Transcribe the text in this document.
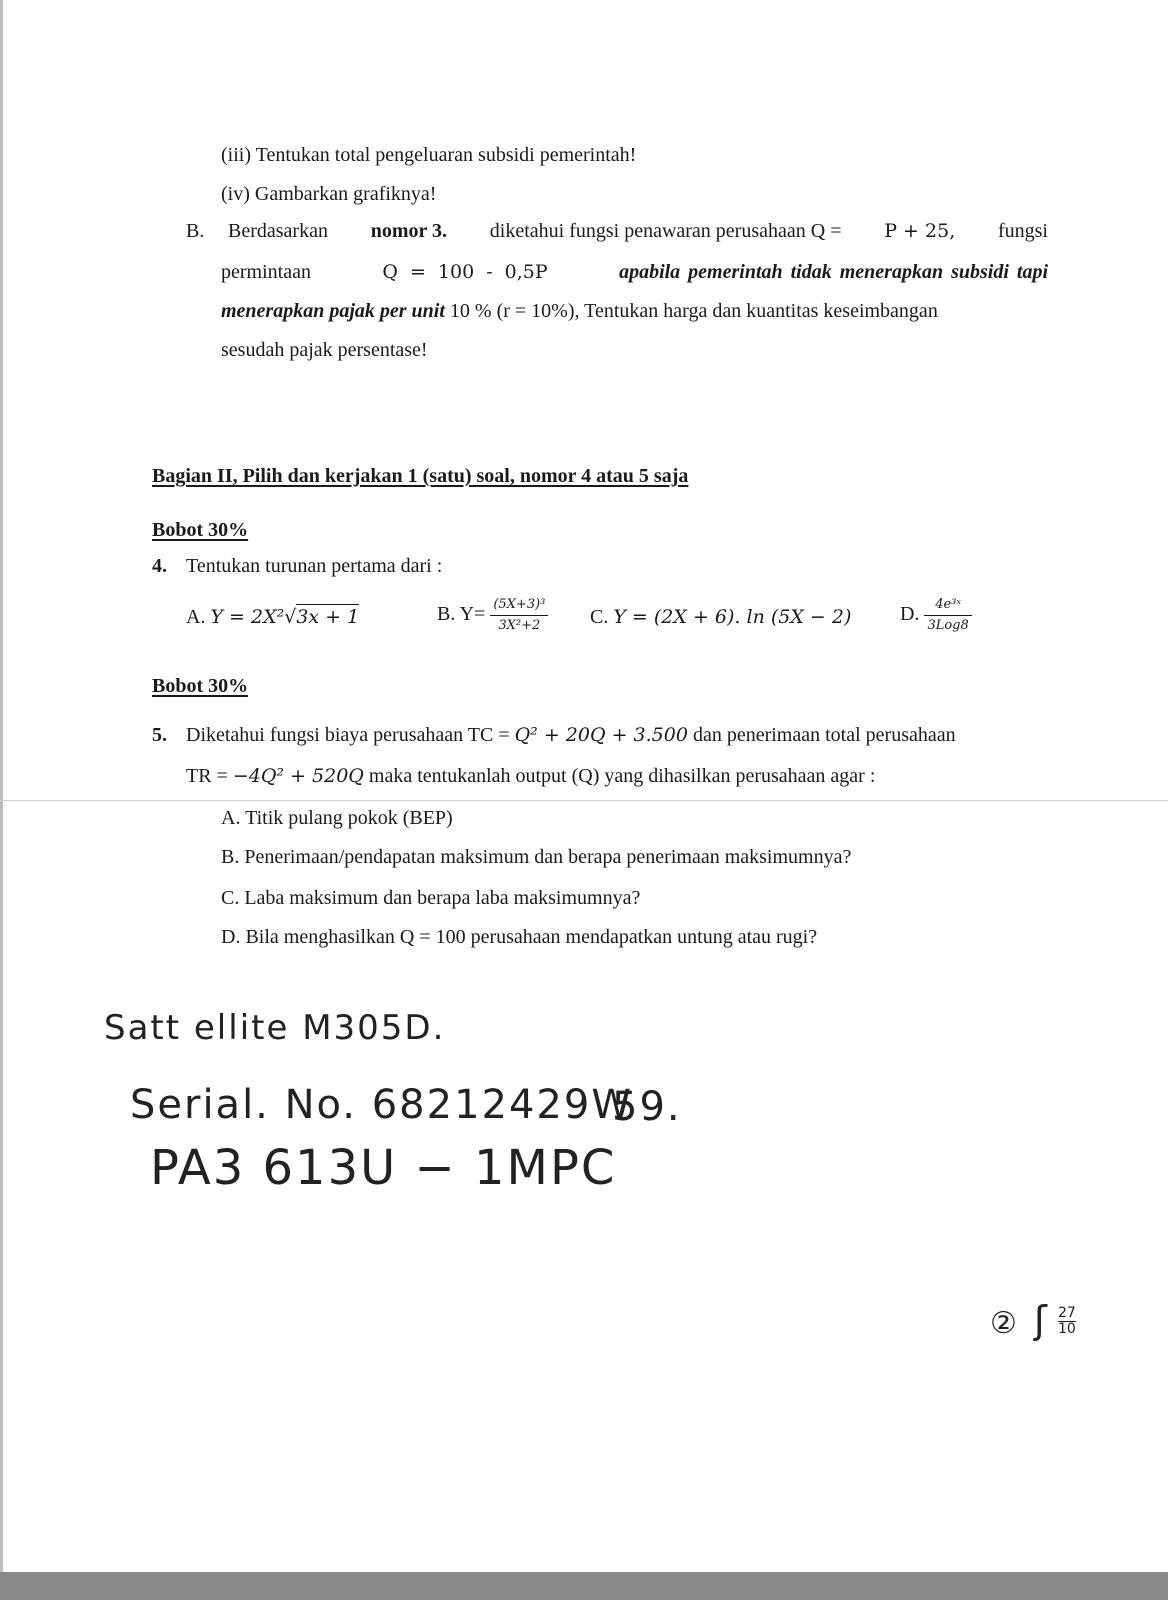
(iii) Tentukan total pengeluaran subsidi pemerintah!
(iv) Gambarkan grafiknya!
B. Berdasarkan nomor 3. diketahui fungsi penawaran perusahaan Q = P + 25, fungsi
permintaan	Q = 100 - 0,5P	apabila pemerintah tidak menerapkan subsidi tapi
menerapkan pajak per unit 10 % (r = 10%), Tentukan harga dan kuantitas keseimbangan
sesudah pajak persentase!
Bagian II, Pilih dan kerjakan 1 (satu) soal, nomor 4 atau 5 saja
Bobot 30%
4. Tentukan turunan pertama dari :
A. Y = 2X²√3x + 1	B. $Y= \frac{\text{(5X+3)³}}{\text{3X²+2}} C$. Y = (2X + 6). ln (5X − 2) D. $\frac{\text{4e³ˣ}}{\text{3Log8}}$
Bobot 30%
5. Diketahui fungsi biaya perusahaan TC = Q² + 20Q + 3.500 dan penerimaan total perusahaan
TR = −4Q² + 520Q maka tentukanlah output (Q) yang dihasilkan perusahaan agar :
A. Titik pulang pokok (BEP)
B. Penerimaan/pendapatan maksimum dan berapa penerimaan maksimumnya?
C. Laba maksimum dan berapa laba maksimumnya?
D. Bila menghasilkan Q = 100 perusahaan mendapatkan untung atau rugi?
Satt ellite M305D.
Serial. No. 68212429W
59.
PA3 613U − 1MPC
② ʃ $\frac{27}{10}$
